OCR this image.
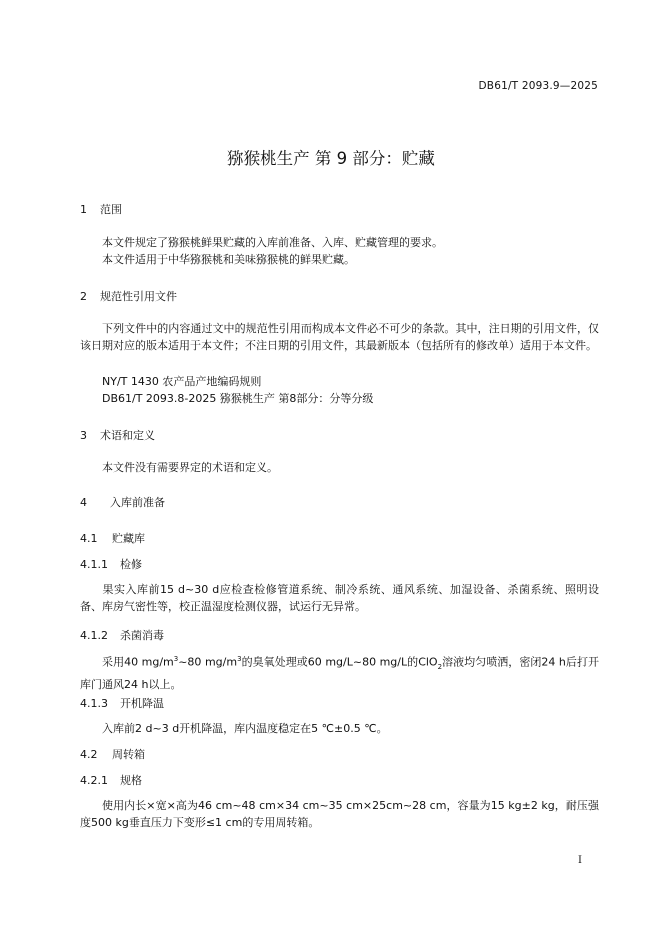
DB61/T 2093.9—2025
猕猴桃生产 第 9 部分：贮藏
1 范围
本文件规定了猕猴桃鲜果贮藏的入库前准备、入库、贮藏管理的要求。
本文件适用于中华猕猴桃和美味猕猴桃的鲜果贮藏。
2 规范性引用文件
下列文件中的内容通过文中的规范性引用而构成本文件必不可少的条款。其中，注日期的引用文件，仅该日期对应的版本适用于本文件；不注日期的引用文件，其最新版本（包括所有的修改单）适用于本文件。
NY/T 1430 农产品产地编码规则
DB61/T 2093.8-2025 猕猴桃生产 第8部分：分等分级
3 术语和定义
本文件没有需要界定的术语和定义。
4 入库前准备
4.1 贮藏库
4.1.1 检修
果实入库前15 d~30 d应检查检修管道系统、制冷系统、通风系统、加湿设备、杀菌系统、照明设备、库房气密性等，校正温湿度检测仪器，试运行无异常。
4.1.2 杀菌消毒
采用40 $mg/m^3\sim 80$ $mg/m^3$的臭氧处理或60 mg/L~80 mg/L的ClO$_2$溶液均匀喷洒，密闭24 h后打开库门通风24 h以上。
4.1.3 开机降温
入库前2 d~3 d开机降温，库内温度稳定在5 ℃±0.5 ℃。
4.2 周转箱
4.2.1 规格
使用内长×宽×高为46 cm~48 cm×34 cm~35 cm×25cm~28 cm，容量为15 kg±2 kg，耐压强度500 kg垂直压力下变形≤1 cm的专用周转箱。
I
